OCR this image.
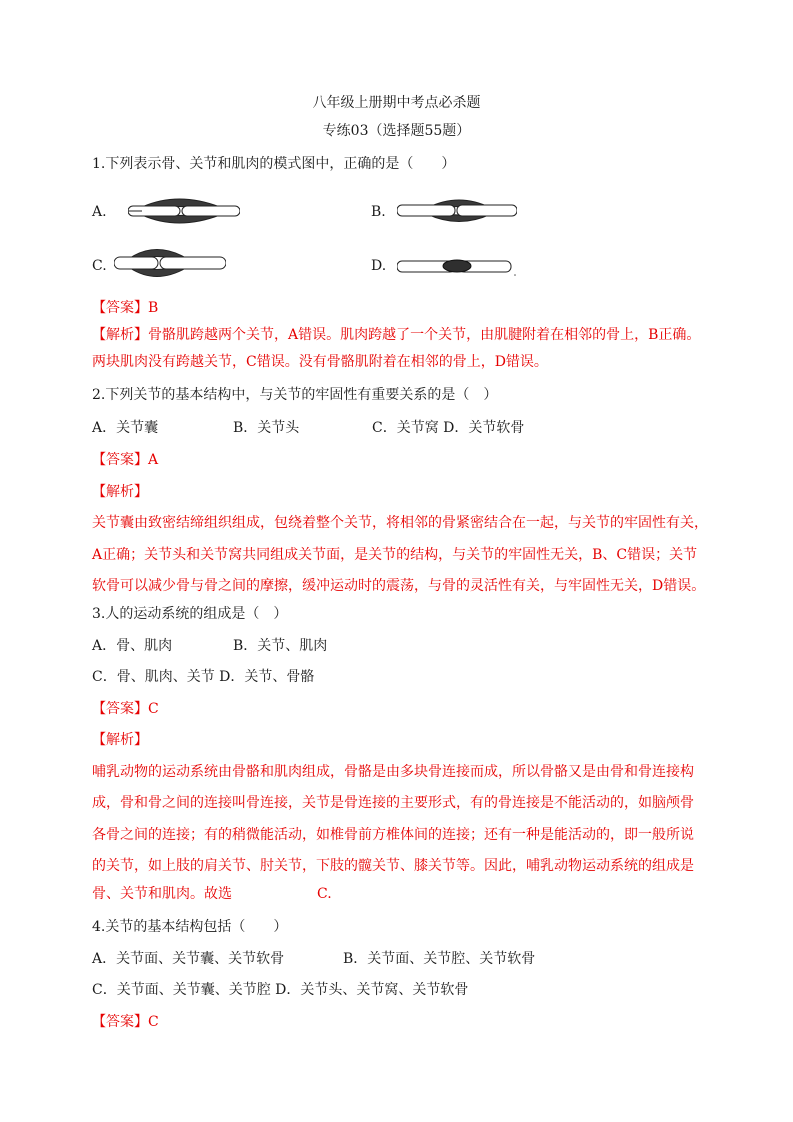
八年级上册期中考点必杀题
专练03（选择题55题）
1.下列表示骨、关节和肌肉的模式图中，正确的是（　　）
A.	B.
C.	D.
【答案】B
【解析】骨骼肌跨越两个关节，A错误。肌肉跨越了一个关节，由肌腱附着在相邻的骨上，B正确。
两块肌肉没有跨越关节，C错误。没有骨骼肌附着在相邻的骨上，D错误。
2.下列关节的基本结构中，与关节的牢固性有重要关系的是（　）
A．关节囊	B．关节头	C．关节窝 D．关节软骨
【答案】A
【解析】
关节囊由致密结缔组织组成，包绕着整个关节，将相邻的骨紧密结合在一起，与关节的牢固性有关，
A正确；关节头和关节窝共同组成关节面，是关节的结构，与关节的牢固性无关，B、C错误；关节
软骨可以减少骨与骨之间的摩擦，缓冲运动时的震荡，与骨的灵活性有关，与牢固性无关，D错误。
3.人的运动系统的组成是（　）
A．骨、肌肉	B．关节、肌肉
C．骨、肌肉、关节 D．关节、骨骼
【答案】C
【解析】
哺乳动物的运动系统由骨骼和肌肉组成，骨骼是由多块骨连接而成，所以骨骼又是由骨和骨连接构
成，骨和骨之间的连接叫骨连接，关节是骨连接的主要形式，有的骨连接是不能活动的，如脑颅骨
各骨之间的连接；有的稍微能活动，如椎骨前方椎体间的连接；还有一种是能活动的，即一般所说
的关节，如上肢的肩关节、肘关节，下肢的髋关节、膝关节等。因此，哺乳动物运动系统的组成是
骨、关节和肌肉。故选	C.
4.关节的基本结构包括（　　）
A．关节面、关节囊、关节软骨	B．关节面、关节腔、关节软骨
C．关节面、关节囊、关节腔 D．关节头、关节窝、关节软骨
【答案】C
